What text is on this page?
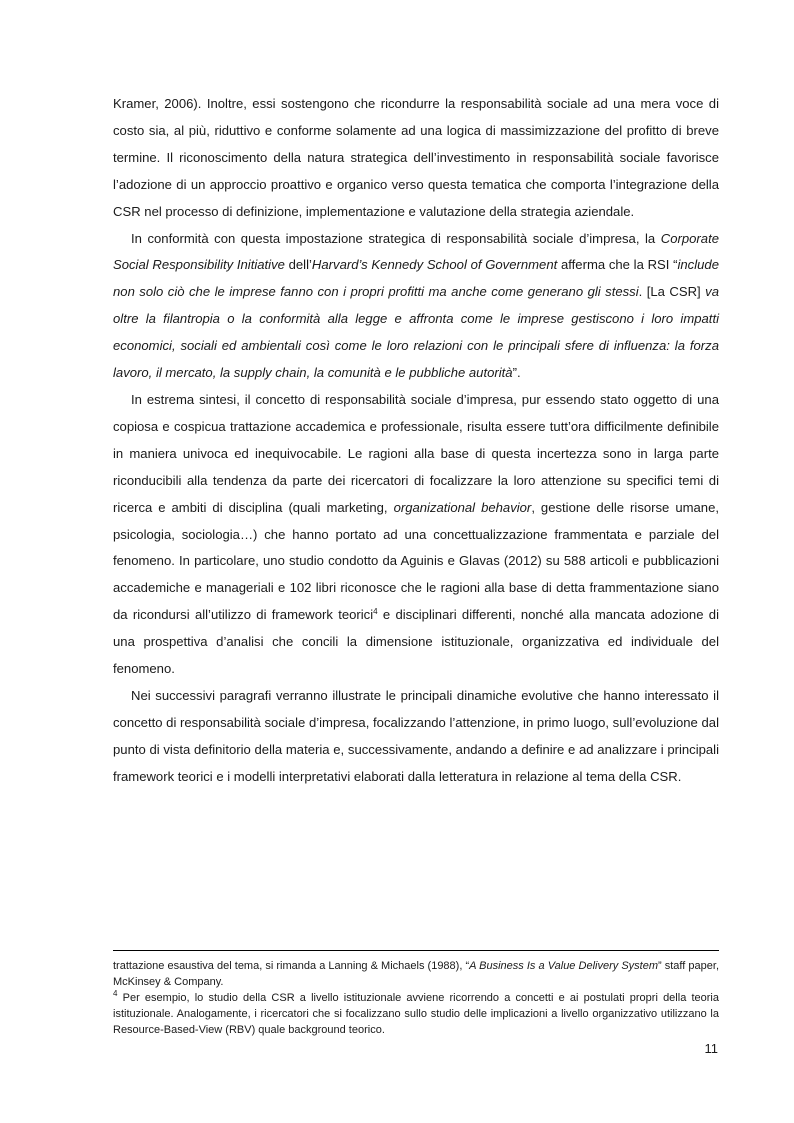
Kramer, 2006). Inoltre, essi sostengono che ricondurre la responsabilità sociale ad una mera voce di costo sia, al più, riduttivo e conforme solamente ad una logica di massimizzazione del profitto di breve termine. Il riconoscimento della natura strategica dell’investimento in responsabilità sociale favorisce l’adozione di un approccio proattivo e organico verso questa tematica che comporta l’integrazione della CSR nel processo di definizione, implementazione e valutazione della strategia aziendale.

In conformità con questa impostazione strategica di responsabilità sociale d’impresa, la Corporate Social Responsibility Initiative dell’Harvard’s Kennedy School of Government afferma che la RSI “include non solo ciò che le imprese fanno con i propri profitti ma anche come generano gli stessi. [La CSR] va oltre la filantropia o la conformità alla legge e affronta come le imprese gestiscono i loro impatti economici, sociali ed ambientali così come le loro relazioni con le principali sfere di influenza: la forza lavoro, il mercato, la supply chain, la comunità e le pubbliche autorità”.

In estrema sintesi, il concetto di responsabilità sociale d’impresa, pur essendo stato oggetto di una copiosa e cospicua trattazione accademica e professionale, risulta essere tutt’ora difficilmente definibile in maniera univoca ed inequivocabile. Le ragioni alla base di questa incertezza sono in larga parte riconducibili alla tendenza da parte dei ricercatori di focalizzare la loro attenzione su specifici temi di ricerca e ambiti di disciplina (quali marketing, organizational behavior, gestione delle risorse umane, psicologia, sociologia…) che hanno portato ad una concettualizzazione frammentata e parziale del fenomeno. In particolare, uno studio condotto da Aguinis e Glavas (2012) su 588 articoli e pubblicazioni accademiche e manageriali e 102 libri riconosce che le ragioni alla base di detta frammentazione siano da ricondursi all’utilizzo di framework teorici$^4$ e disciplinari differenti, nonché alla mancata adozione di una prospettiva d’analisi che concili la dimensione istituzionale, organizzativa ed individuale del fenomeno.

Nei successivi paragrafi verranno illustrate le principali dinamiche evolutive che hanno interessato il concetto di responsabilità sociale d’impresa, focalizzando l’attenzione, in primo luogo, sull’evoluzione dal punto di vista definitorio della materia e, successivamente, andando a definire e ad analizzare i principali framework teorici e i modelli interpretativi elaborati dalla letteratura in relazione al tema della CSR.

trattazione esaustiva del tema, si rimanda a Lanning & Michaels (1988), “A Business Is a Value Delivery System” staff paper, McKinsey & Company.

$^4$ Per esempio, lo studio della CSR a livello istituzionale avviene ricorrendo a concetti e ai postulati propri della teoria istituzionale. Analogamente, i ricercatori che si focalizzano sullo studio delle implicazioni a livello organizzativo utilizzano la Resource-Based-View (RBV) quale background teorico.

11
